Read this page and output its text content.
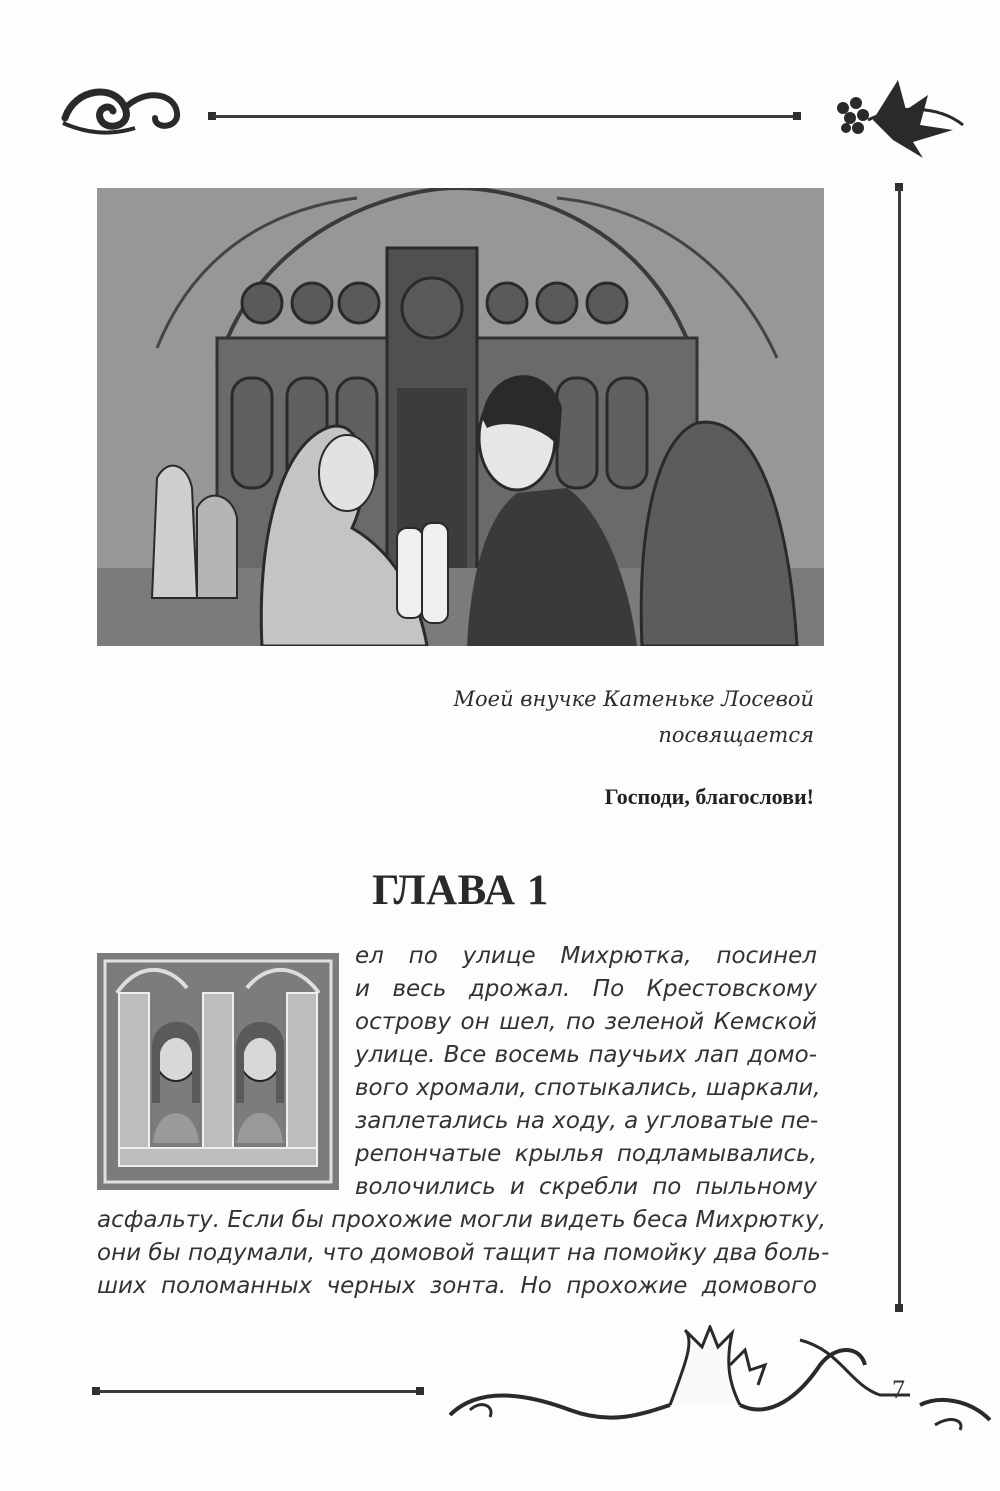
Моей внучке Катеньке Лосевой
посвящается
Господи, благослови!
ГЛАВА 1
ел по улице Михрютка, посинел
и весь дрожал. По Крестовскому
острову он шел, по зеленой Кемской
улице. Все восемь паучьих лап домо-
вого хромали, спотыкались, шаркали,
заплетались на ходу, а угловатые пе-
репончатые крылья подламывались,
волочились и скребли по пыльному
асфальту. Если бы прохожие могли видеть беса Михрютку,
они бы подумали, что домовой тащит на помойку два боль-
ших поломанных черных зонта. Но прохожие домового
7
